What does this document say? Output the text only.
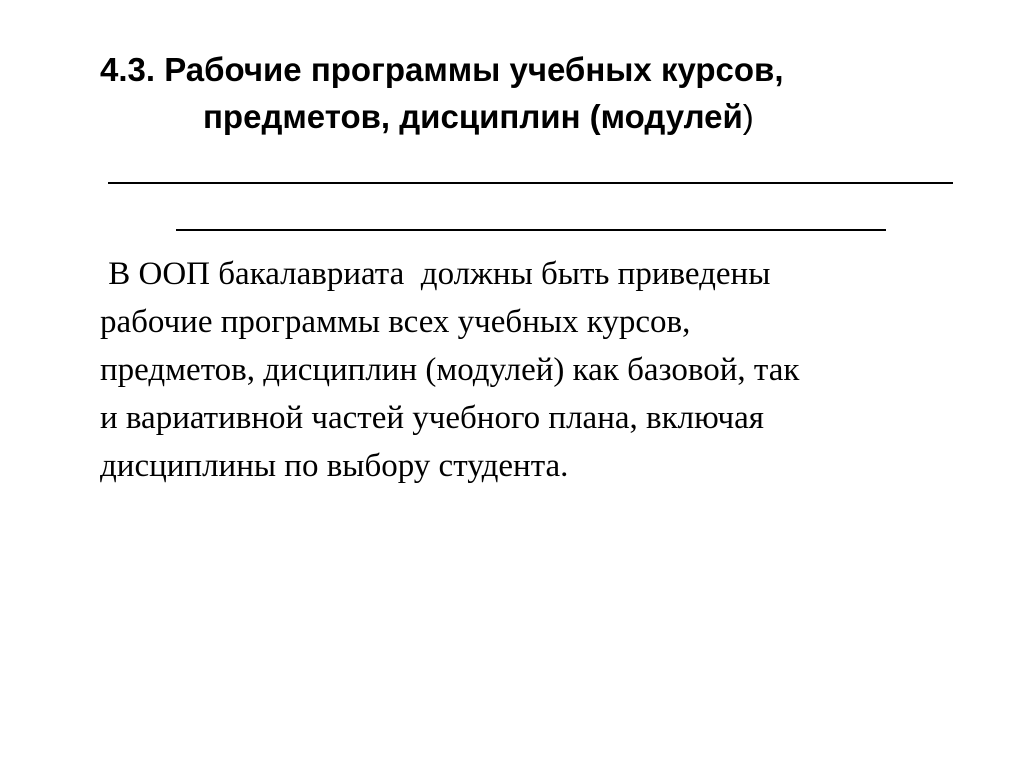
4.3. Рабочие программы учебных курсов,
предметов, дисциплин (модулей)

В ООП бакалавриата  должны быть приведены
рабочие программы всех учебных курсов,
предметов, дисциплин (модулей) как базовой, так
и вариативной частей учебного плана, включая
дисциплины по выбору студента.
